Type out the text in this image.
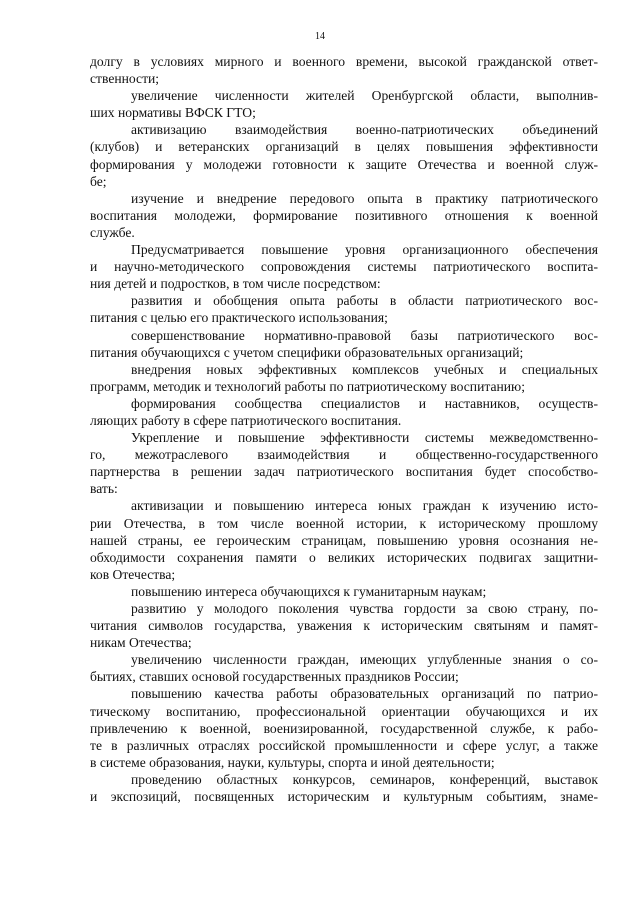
14
долгу в условиях мирного и военного времени, высокой гражданской ответ-
ственности;
увеличение численности жителей Оренбургской области, выполнив-
ших нормативы ВФСК ГТО;
активизацию взаимодействия военно-патриотических объединений
(клубов) и ветеранских организаций в целях повышения эффективности
формирования у молодежи готовности к защите Отечества и военной служ-
бе;
изучение и внедрение передового опыта в практику патриотического
воспитания молодежи, формирование позитивного отношения к военной
службе.
Предусматривается повышение уровня организационного обеспечения
и научно-методического сопровождения системы патриотического воспита-
ния детей и подростков, в том числе посредством:
развития и обобщения опыта работы в области патриотического вос-
питания с целью его практического использования;
совершенствование нормативно-правовой базы патриотического вос-
питания обучающихся с учетом специфики образовательных организаций;
внедрения новых эффективных комплексов учебных и специальных
программ, методик и технологий работы по патриотическому воспитанию;
формирования сообщества специалистов и наставников, осуществ-
ляющих работу в сфере патриотического воспитания.
Укрепление и повышение эффективности системы межведомственно-
го, межотраслевого взаимодействия и общественно-государственного
партнерства в решении задач патриотического воспитания будет способство-
вать:
активизации и повышению интереса юных граждан к изучению исто-
рии Отечества, в том числе военной истории, к историческому прошлому
нашей страны, ее героическим страницам, повышению уровня осознания не-
обходимости сохранения памяти о великих исторических подвигах защитни-
ков Отечества;
повышению интереса обучающихся к гуманитарным наукам;
развитию у молодого поколения чувства гордости за свою страну, по-
читания символов государства, уважения к историческим святыням и памят-
никам Отечества;
увеличению численности граждан, имеющих углубленные знания о со-
бытиях, ставших основой государственных праздников России;
повышению качества работы образовательных организаций по патрио-
тическому воспитанию, профессиональной ориентации обучающихся и их
привлечению к военной, военизированной, государственной службе, к рабо-
те в различных отраслях российской промышленности и сфере услуг, а также
в системе образования, науки, культуры, спорта и иной деятельности;
проведению областных конкурсов, семинаров, конференций, выставок
и экспозиций, посвященных историческим и культурным событиям, знаме-
